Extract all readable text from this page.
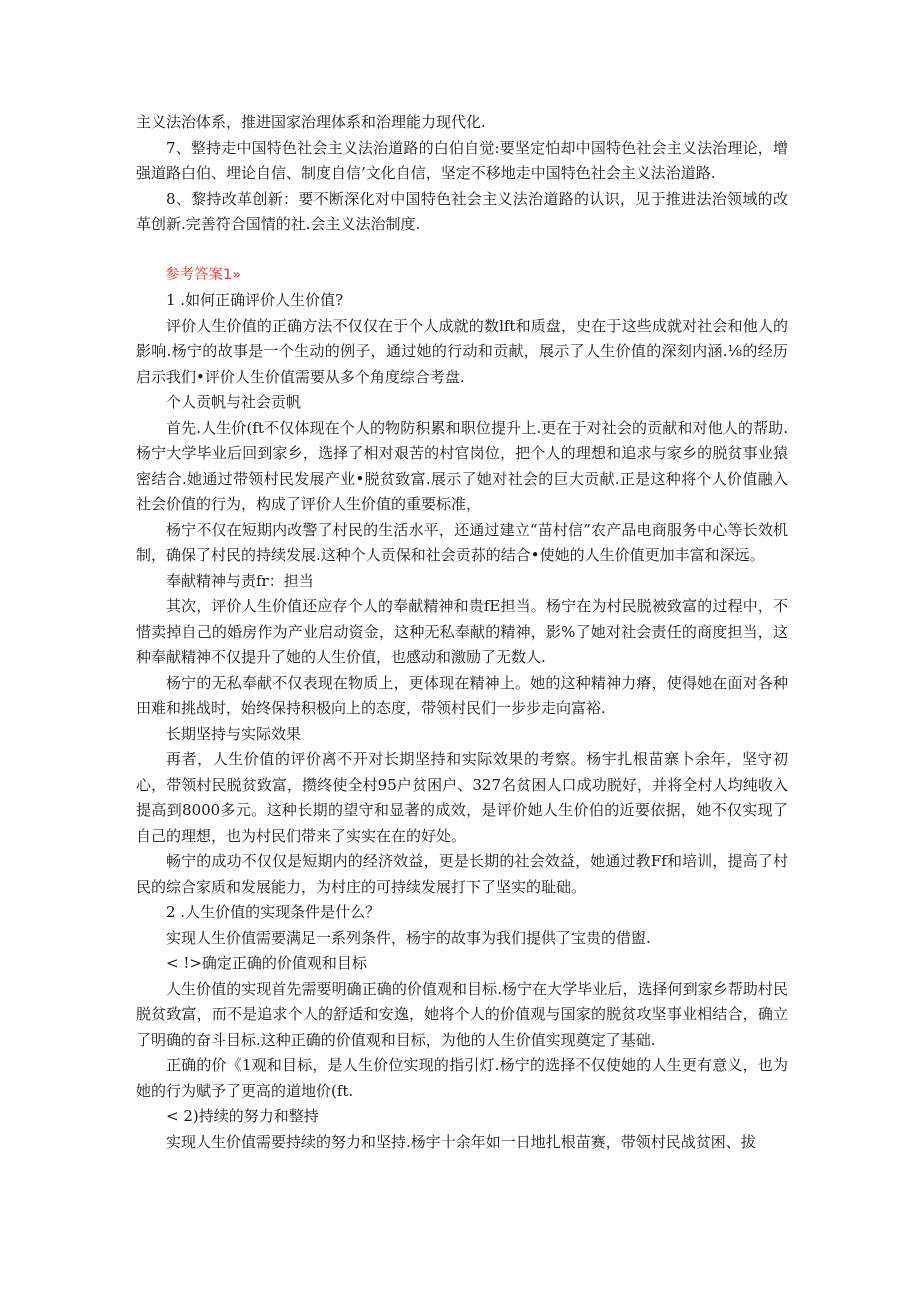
主义法治体系，推进国家治理体系和治理能力现代化.

7、整持走中国特色社会主义法治道路的白伯自觉:要坚定怕却中国特色社会主义法治理论，增强道路白伯、埋论自信、制度自信’文化自信，坚定不移地走中国特色社会主义法治道路.

8、黎持改革创新：要不断深化对中国特色社会主义法治道路的认识，见于推进法治领域的改革创新.完善符合国情的社.会主义法治制度.

参考答案1»

1 .如何正确评价人生价值?

评价人生价值的正确方法不仅仅在于个人成就的数lft和质盘，史在于这些成就对社会和他人的影响.杨宁的故事是一个生动的例子，通过她的行动和贡献，展示了人生价值的深刻内涵.⅛的经历启示我们•评价人生价值需要从多个角度综合考盘.

个人贡帆与社会贡帆

首先.人生价(ft不仅体现在个人的物防积累和职位提升上.更在于对社会的贡献和对他人的帮助.杨宁大学毕业后回到家乡，选择了相对艰苦的村官岗位，把个人的理想和追求与家乡的脱贫事业猿密结合.她通过带领村民发展产业•脱贫致富.展示了她对社会的巨大贡献.正是这种将个人价值融入社会价值的行为，构成了评价人生价值的重要标准，

杨宁不仅在短期内改警了村民的生活水平，还通过建立“苗村信”农产品电商服务中心等长效机制，确保了村民的持续发展.这种个人贡保和社会贡荪的结合•使她的人生价值更加丰富和深远。

奉献精神与责fr：担当

其次，评价人生价值还应存个人的奉献精神和贵fE担当。杨宁在为村民脱被致富的过程中，不惜卖掉自己的婚房作为产业启动资金，这种无私奉献的精神，影%了她对社会责任的商度担当，这种奉献精神不仅提升了她的人生价值，也感动和激励了无数人.

杨宁的无私奉献不仅表现在物质上，更体现在精神上。她的这种精神力瘠，使得她在面对各种田难和挑战时，始终保持积极向上的态度，带领村民们一步步走向富裕.

长期坚持与实际效果

再者，人生价值的评价离不开对长期坚持和实际效果的考察。杨宇扎根苗寨卜余年，坚守初心，带领村民脱贫致富，攒终使全村95户贫困户、327名贫困人口成功脱好，并将全村人均纯收入提高到8000多元。这种长期的望守和显著的成效，是评价她人生价伯的近要依据，她不仅实现了自己的理想，也为村民们带来了实实在在的好处。

畅宁的成功不仅仅是短期内的经济效益，更是长期的社会效益，她通过教Ff和培训，提高了村民的综合家质和发展能力，为村庄的可持续发展打下了坚实的耻础。

2 .人生价值的实现条件是什么？

实现人生价值需要满足一系列条件，杨宇的故事为我们提供了宝贵的借盥.

< !>确定正确的价值观和目标

人生价值的实现首先需要明确正确的价值观和目标.杨宁在大学毕业后，选择何到家乡帮助村民脱贫致富，而不是追求个人的舒适和安逸，她将个人的价值观与国家的脱贫攻坚事业相结合，确立了明确的奋斗目标.这种正确的价值观和目标，为他的人生价值实现奠定了基础.

正确的价《1观和目标，是人生价位实现的指引灯.杨宁的选择不仅使她的人生更有意义，也为她的行为赋予了更高的道地价(ft.

< 2)持续的努力和整持

实现人生价值需要持续的努力和坚持.杨宇十余年如一日地扎根苗赛，带领村民战贫困、拔
